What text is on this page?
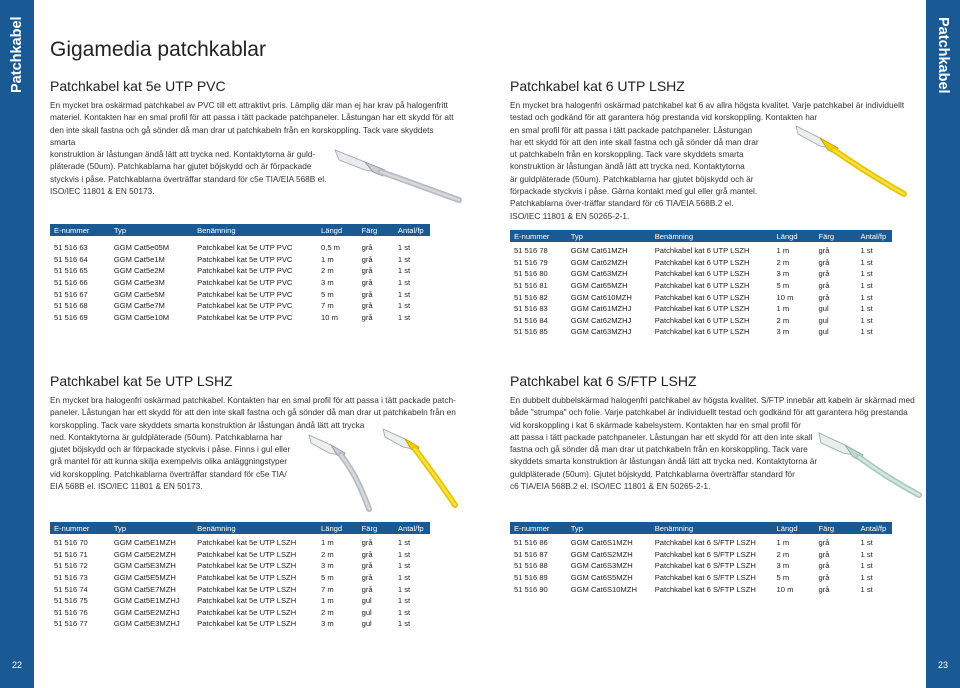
Patchkabel
22
Patchkabel
23
Gigamedia patchkablar
Patchkabel kat 5e UTP PVC
En mycket bra oskärmad patchkabel av PVC till ett attraktivt pris. Lämplig där man ej har krav på halogenfritt
materiel. Kontakten har en smal profil för att passa i tätt packade patchpaneler. Låstungan har ett skydd för att
den inte skall fastna och gå sönder då man drar ut patchkabeln från en korskoppling. Tack vare skyddets smarta
konstruktion är låstungan ändå lätt att trycka ned. Kontaktytorna är guld-
pläterade (50um). Patchkablarna har gjutet böjskydd och är förpackade
styckvis i påse. Patchkablarna överträffar standard för c5e TIA/EIA 568B el.
ISO/IEC 11801 & EN 50173.
E-nummer	Typ	Benämning	Längd	Färg	Antal/fp

51 516 63	GGM Cat5e05M	Patchkabel kat 5e UTP PVC	0,5 m	grå	1 st
51 516 64	GGM Cat5e1M	Patchkabel kat 5e UTP PVC	1 m	grå	1 st
51 516 65	GGM Cat5e2M	Patchkabel kat 5e UTP PVC	2 m	grå	1 st
51 516 66	GGM Cat5e3M	Patchkabel kat 5e UTP PVC	3 m	grå	1 st
51 516 67	GGM Cat5e5M	Patchkabel kat 5e UTP PVC	5 m	grå	1 st
51 516 68	GGM Cat5e7M	Patchkabel kat 5e UTP PVC	7 m	grå	1 st
51 516 69	GGM Cat5e10M	Patchkabel kat 5e UTP PVC	10 m	grå	1 st
Patchkabel kat 6 UTP LSHZ
En mycket bra halogenfri oskärmad patchkabel kat 6 av allra högsta kvalitet. Varje patchkabel är individuellt
testad och godkänd för att garantera hög prestanda vid korskoppling. Kontakten har
en smal profil för att passa i tätt packade patchpaneler. Låstungan
har ett skydd för att den inte skall fastna och gå sönder då man drar
ut patchkabeln från en korskoppling. Tack vare skyddets smarta
konstruktion är låstungan ändå lätt att trycka ned. Kontaktytorna
är guldpläterade (50um). Patchkablarna har gjutet böjskydd och är
förpackade styckvis i påse. Gärna kontakt med gul eller grå mantel.
Patchkablarna över-träffar standard för c6 TIA/EIA 568B.2 el.
ISO/IEC 11801 & EN 50265-2-1.
E-nummer	Typ	Benämning	Längd	Färg	Antal/fp

51 516 78	GGM Cat61MZH	Patchkabel kat 6 UTP LSZH	1 m	grå	1 st
51 516 79	GGM Cat62MZH	Patchkabel kat 6 UTP LSZH	2 m	grå	1 st
51 516 80	GGM Cat63MZH	Patchkabel kat 6 UTP LSZH	3 m	grå	1 st
51 516 81	GGM Cat65MZH	Patchkabel kat 6 UTP LSZH	5 m	grå	1 st
51 516 82	GGM Cat610MZH	Patchkabel kat 6 UTP LSZH	10 m	grå	1 st
51 516 83	GGM Cat61MZHJ	Patchkabel kat 6 UTP LSZH	1 m	gul	1 st
51 516 84	GGM Cat62MZHJ	Patchkabel kat 6 UTP LSZH	2 m	gul	1 st
51 516 85	GGM Cat63MZHJ	Patchkabel kat 6 UTP LSZH	3 m	gul	1 st
Patchkabel kat 5e UTP LSHZ
En mycket bra halogenfri oskärmad patchkabel. Kontakten har en smal profil för att passa i tätt packade patch-
paneler. Låstungan har ett skydd för att den inte skall fastna och gå sönder då man drar ut patchkabeln från en
korskoppling. Tack vare skyddets smarta konstruktion är låstungan ändå lätt att trycka
ned. Kontaktytorna är guldpläterade (50um). Patchkablarna har
gjutet böjskydd och är förpackade styckvis i påse. Finns i gul eller
grå mantel för att kunna skilja exempelvis olika anläggningstyper
vid korskoppling. Patchkablarna överträffar standard för c5e TIA/
EIA 568B el. ISO/IEC 11801 & EN 50173.
E-nummer	Typ	Benämning	Längd	Färg	Antal/fp

51 516 70	GGM Cat5E1MZH	Patchkabel kat 5e UTP LSZH	1 m	grå	1 st
51 516 71	GGM Cat5E2MZH	Patchkabel kat 5e UTP LSZH	2 m	grå	1 st
51 516 72	GGM Cat5E3MZH	Patchkabel kat 5e UTP LSZH	3 m	grå	1 st
51 516 73	GGM Cat5E5MZH	Patchkabel kat 5e UTP LSZH	5 m	grå	1 st
51 516 74	GGM Cat5E7MZH	Patchkabel kat 5e UTP LSZH	7 m	grå	1 st
51 516 75	GGM Cat5E1MZHJ	Patchkabel kat 5e UTP LSZH	1 m	gul	1 st
51 516 76	GGM Cat5E2MZHJ	Patchkabel kat 5e UTP LSZH	2 m	gul	1 st
51 516 77	GGM Cat5E3MZHJ	Patchkabel kat 5e UTP LSZH	3 m	gul	1 st
Patchkabel kat 6 S/FTP LSHZ
En dubbelt dubbelskärmad halogenfri patchkabel av högsta kvalitet. S/FTP innebär att kabeln är skärmad med
både "strumpa" och folie. Varje patchkabel är individuellt testad och godkänd för att garantera hög prestanda
vid korskoppling i kat 6 skärmade kabelsystem. Kontakten har en smal profil för
att passa i tätt packade patchpaneler. Låstungan har ett skydd för att den inte skall
fastna och gå sönder då man drar ut patchkabeln från en korskoppling. Tack vare
skyddets smarta konstruktion är låstungan ändå lätt att trycka ned. Kontaktytorna är
guldpläterade (50um). Gjutet böjskydd. Patchkablarna överträffar standard för
c6 TIA/EIA 568B.2 el. ISO/IEC 11801 & EN 50265-2-1.
E-nummer	Typ	Benämning	Längd	Färg	Antal/fp

51 516 86	GGM Cat6S1MZH	Patchkabel kat 6 S/FTP LSZH	1 m	grå	1 st
51 516 87	GGM Cat6S2MZH	Patchkabel kat 6 S/FTP LSZH	2 m	grå	1 st
51 516 88	GGM Cat6S3MZH	Patchkabel kat 6 S/FTP LSZH	3 m	grå	1 st
51 516 89	GGM Cat6S5MZH	Patchkabel kat 6 S/FTP LSZH	5 m	grå	1 st
51 516 90	GGM Cat6S10MZH	Patchkabel kat 6 S/FTP LSZH	10 m	grå	1 st
